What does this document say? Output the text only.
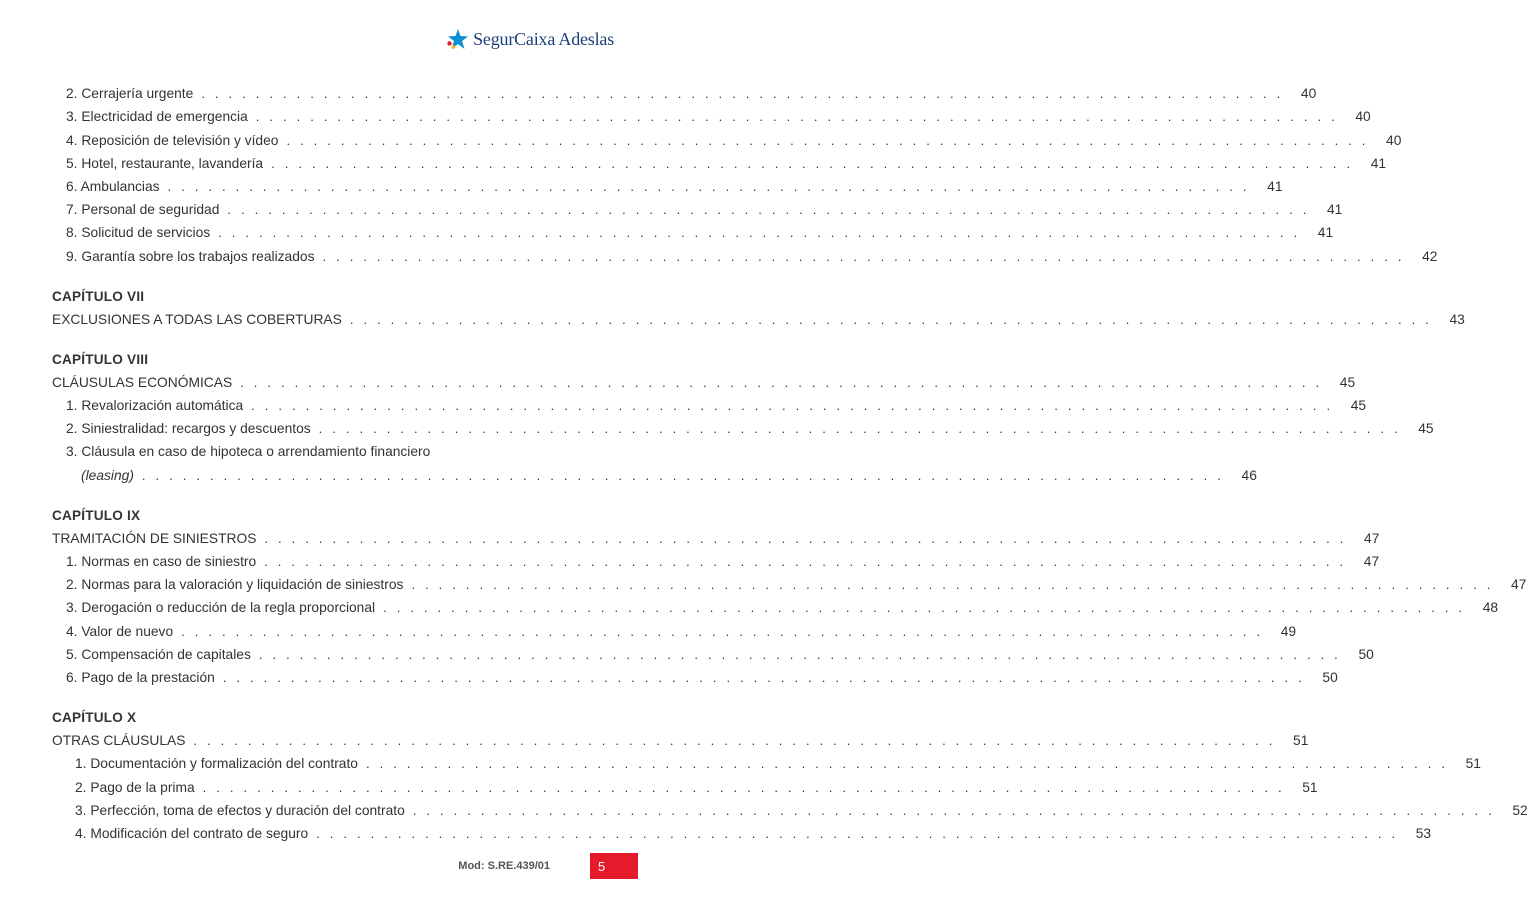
SegurCaixa Adeslas
2. Cerrajería urgente ................................................................................ 40
3. Electricidad de emergencia ................................................................................ 40
4. Reposición de televisión y vídeo ................................................................................ 40
5. Hotel, restaurante, lavandería ................................................................................ 41
6. Ambulancias ................................................................................ 41
7. Personal de seguridad ................................................................................ 41
8. Solicitud de servicios ................................................................................ 41
9. Garantía sobre los trabajos realizados ................................................................................ 42
CAPÍTULO VII
EXCLUSIONES A TODAS LAS COBERTURAS ................................................................................ 43
CAPÍTULO VIII
CLÁUSULAS ECONÓMICAS ................................................................................ 45
1. Revalorización automática ................................................................................ 45
2. Siniestralidad: recargos y descuentos ................................................................................ 45
3. Cláusula en caso de hipoteca o arrendamiento financiero
(leasing) ................................................................................ 46
CAPÍTULO IX
TRAMITACIÓN DE SINIESTROS ................................................................................ 47
1. Normas en caso de siniestro ................................................................................ 47
2. Normas para la valoración y liquidación de siniestros ................................................................................ 47
3. Derogación o reducción de la regla proporcional ................................................................................ 48
4. Valor de nuevo ................................................................................ 49
5. Compensación de capitales ................................................................................ 50
6. Pago de la prestación ................................................................................ 50
CAPÍTULO X
OTRAS CLÁUSULAS ................................................................................ 51
1. Documentación y formalización del contrato ................................................................................ 51
2. Pago de la prima ................................................................................ 51
3. Perfección, toma de efectos y duración del contrato ................................................................................ 52
4. Modificación del contrato de seguro ................................................................................ 53
Mod: S.RE.439/01	5
